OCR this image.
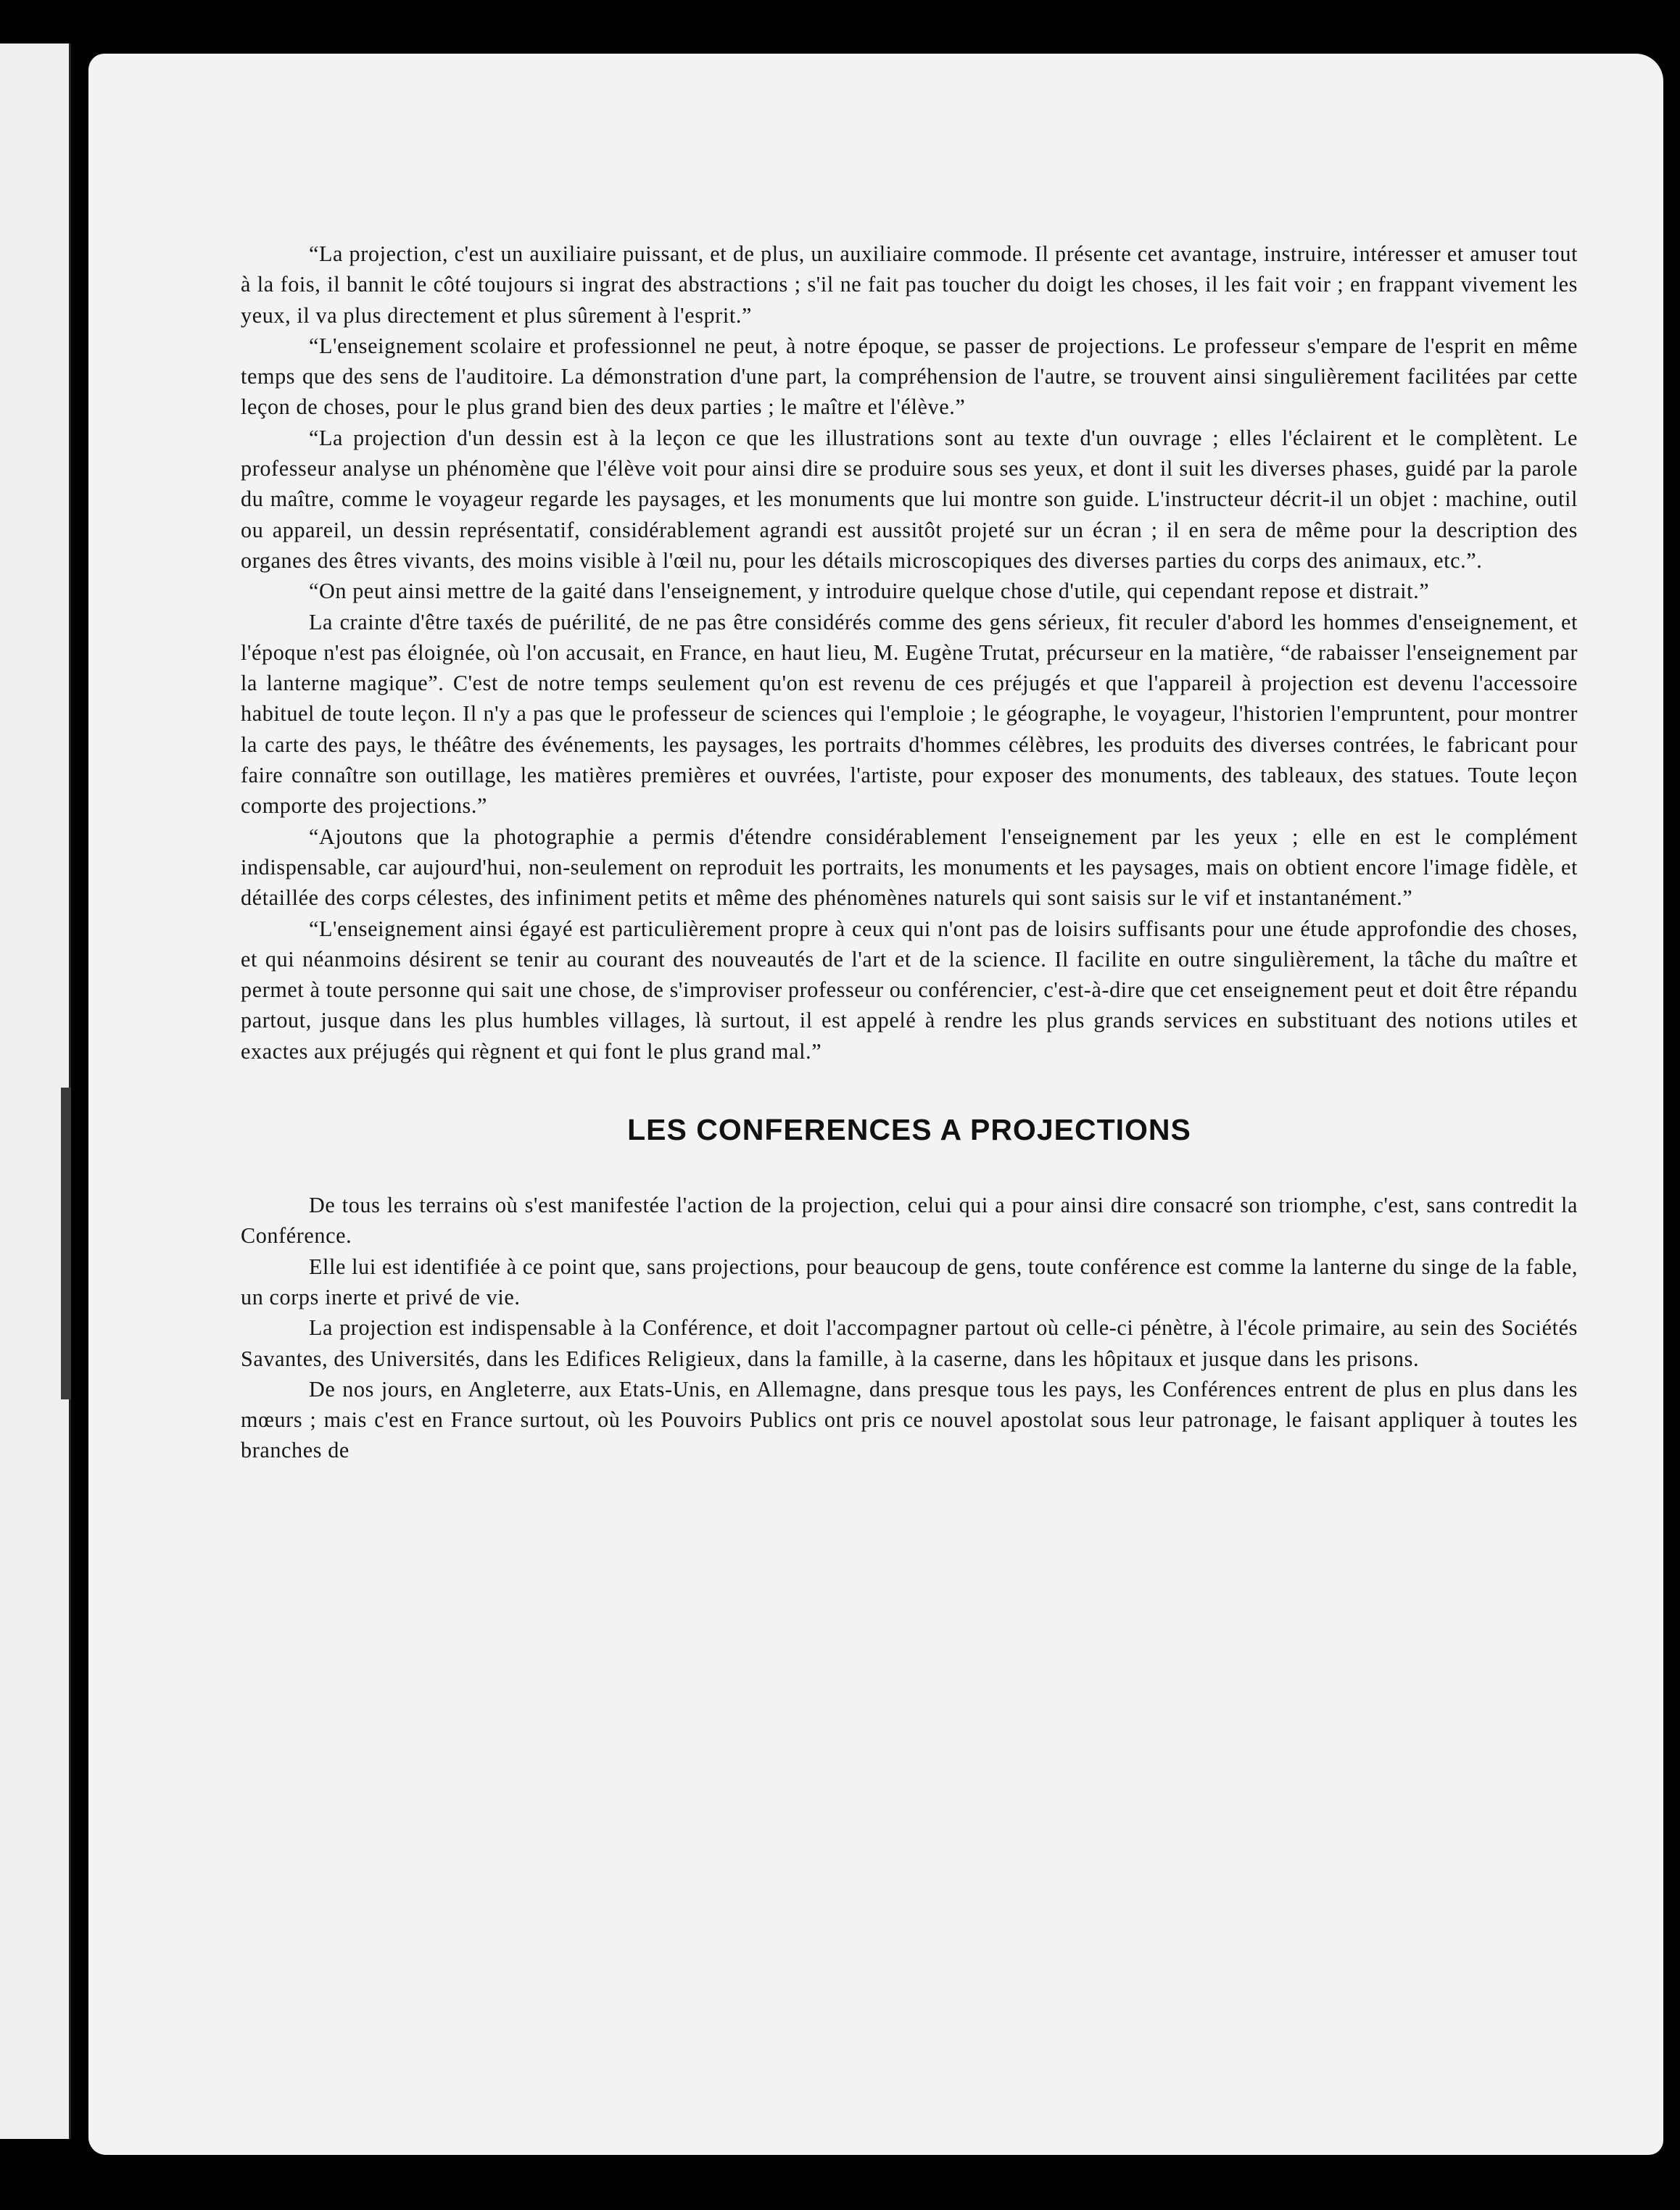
“La projection, c'est un auxiliaire puissant, et de plus, un auxiliaire commode. Il présente cet avantage, instruire, intéresser et amuser tout à la fois, il bannit le côté toujours si ingrat des abstractions ; s'il ne fait pas toucher du doigt les choses, il les fait voir ; en frappant vivement les yeux, il va plus directement et plus sûrement à l'esprit.”

“L'enseignement scolaire et professionnel ne peut, à notre époque, se passer de projections. Le professeur s'empare de l'esprit en même temps que des sens de l'auditoire. La démonstration d'une part, la compréhension de l'autre, se trouvent ainsi singulièrement facilitées par cette leçon de choses, pour le plus grand bien des deux parties ; le maître et l'élève.”

“La projection d'un dessin est à la leçon ce que les illustrations sont au texte d'un ouvrage ; elles l'éclairent et le complètent. Le professeur analyse un phénomène que l'élève voit pour ainsi dire se produire sous ses yeux, et dont il suit les diverses phases, guidé par la parole du maître, comme le voyageur regarde les paysages, et les monuments que lui montre son guide. L'instructeur décrit-il un objet : machine, outil ou appareil, un dessin représentatif, considérablement agrandi est aussitôt projeté sur un écran ; il en sera de même pour la description des organes des êtres vivants, des moins visible à l'œil nu, pour les détails microscopiques des diverses parties du corps des animaux, etc.”.

“On peut ainsi mettre de la gaité dans l'enseignement, y introduire quelque chose d'utile, qui cependant repose et distrait.”

La crainte d'être taxés de puérilité, de ne pas être considérés comme des gens sérieux, fit reculer d'abord les hommes d'enseignement, et l'époque n'est pas éloignée, où l'on accusait, en France, en haut lieu, M. Eugène Trutat, précurseur en la matière, “de rabaisser l'enseignement par la lanterne magique”. C'est de notre temps seulement qu'on est revenu de ces préjugés et que l'appareil à projection est devenu l'accessoire habituel de toute leçon. Il n'y a pas que le professeur de sciences qui l'emploie ; le géographe, le voyageur, l'historien l'empruntent, pour montrer la carte des pays, le théâtre des événements, les paysages, les portraits d'hommes célèbres, les produits des diverses contrées, le fabricant pour faire connaître son outillage, les matières premières et ouvrées, l'artiste, pour exposer des monuments, des tableaux, des statues. Toute leçon comporte des projections.”

“Ajoutons que la photographie a permis d'étendre considérablement l'enseignement par les yeux ; elle en est le complément indispensable, car aujourd'hui, non-seulement on reproduit les portraits, les monuments et les paysages, mais on obtient encore l'image fidèle, et détaillée des corps célestes, des infiniment petits et même des phénomènes naturels qui sont saisis sur le vif et instantanément.”

“L'enseignement ainsi égayé est particulièrement propre à ceux qui n'ont pas de loisirs suffisants pour une étude approfondie des choses, et qui néanmoins désirent se tenir au courant des nouveautés de l'art et de la science. Il facilite en outre singulièrement, la tâche du maître et permet à toute personne qui sait une chose, de s'improviser professeur ou conférencier, c'est-à-dire que cet enseignement peut et doit être répandu partout, jusque dans les plus humbles villages, là surtout, il est appelé à rendre les plus grands services en substituant des notions utiles et exactes aux préjugés qui règnent et qui font le plus grand mal.”

LES CONFERENCES A PROJECTIONS

De tous les terrains où s'est manifestée l'action de la projection, celui qui a pour ainsi dire consacré son triomphe, c'est, sans contredit la Conférence.

Elle lui est identifiée à ce point que, sans projections, pour beaucoup de gens, toute conférence est comme la lanterne du singe de la fable, un corps inerte et privé de vie.

La projection est indispensable à la Conférence, et doit l'accompagner partout où celle-ci pénètre, à l'école primaire, au sein des Sociétés Savantes, des Universités, dans les Edifices Religieux, dans la famille, à la caserne, dans les hôpitaux et jusque dans les prisons.

De nos jours, en Angleterre, aux Etats-Unis, en Allemagne, dans presque tous les pays, les Conférences entrent de plus en plus dans les mœurs ; mais c'est en France surtout, où les Pouvoirs Publics ont pris ce nouvel apostolat sous leur patronage, le faisant appliquer à toutes les branches de
